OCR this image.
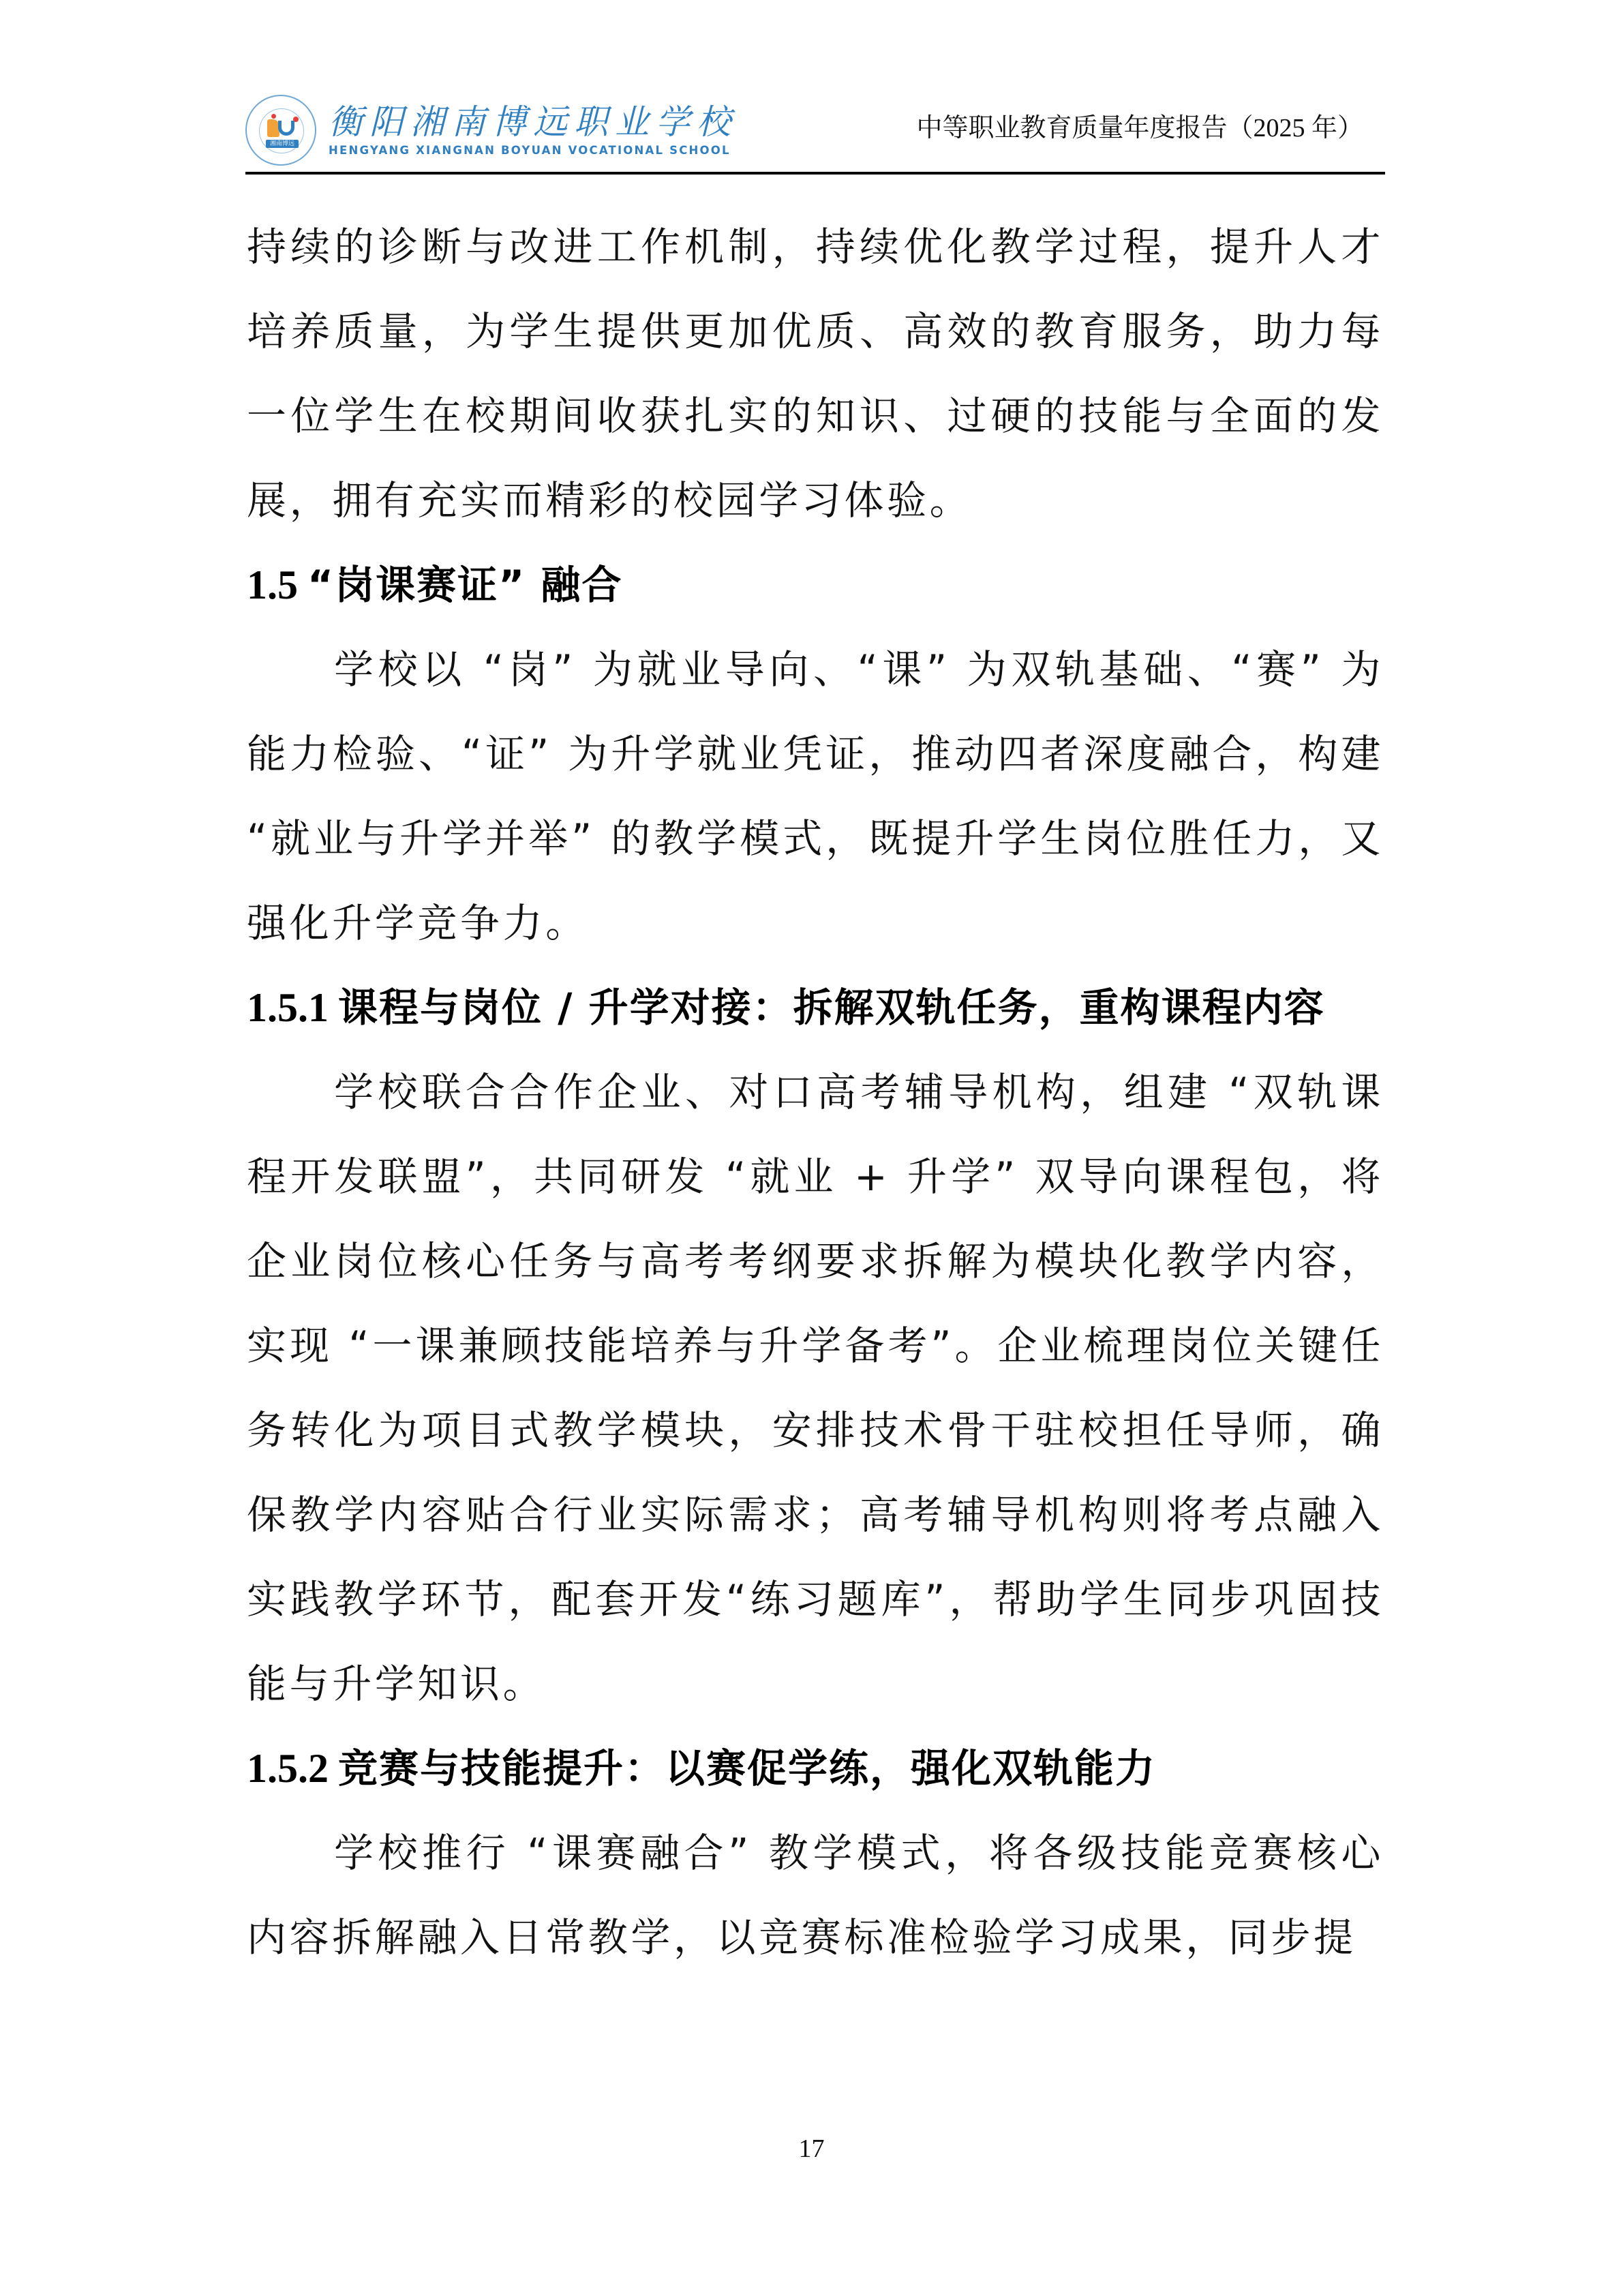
湘南博远
衡阳湘南博远职业学校
HENGYANG XIANGNAN BOYUAN VOCATIONAL SCHOOL
中等职业教育质量年度报告（2025 年）

持续的诊断与改进工作机制，持续优化教学过程，提升人才培养质量，为学生提供更加优质、高效的教育服务，助力每一位学生在校期间收获扎实的知识、过硬的技能与全面的发展，拥有充实而精彩的校园学习体验。

1.5 “岗课赛证” 融合

学校以 “岗” 为就业导向、“课” 为双轨基础、“赛” 为能力检验、“证” 为升学就业凭证，推动四者深度融合，构建 “就业与升学并举” 的教学模式，既提升学生岗位胜任力，又强化升学竞争力。

1.5.1 课程与岗位 / 升学对接：拆解双轨任务，重构课程内容

学校联合合作企业、对口高考辅导机构，组建 “双轨课程开发联盟”，共同研发 “就业 + 升学” 双导向课程包，将企业岗位核心任务与高考考纲要求拆解为模块化教学内容，实现 “一课兼顾技能培养与升学备考”。企业梳理岗位关键任务转化为项目式教学模块，安排技术骨干驻校担任导师，确保教学内容贴合行业实际需求；高考辅导机构则将考点融入实践教学环节，配套开发“练习题库”，帮助学生同步巩固技能与升学知识。

1.5.2 竞赛与技能提升：以赛促学练，强化双轨能力

学校推行 “课赛融合” 教学模式，将各级技能竞赛核心内容拆解融入日常教学，以竞赛标准检验学习成果，同步提

17
